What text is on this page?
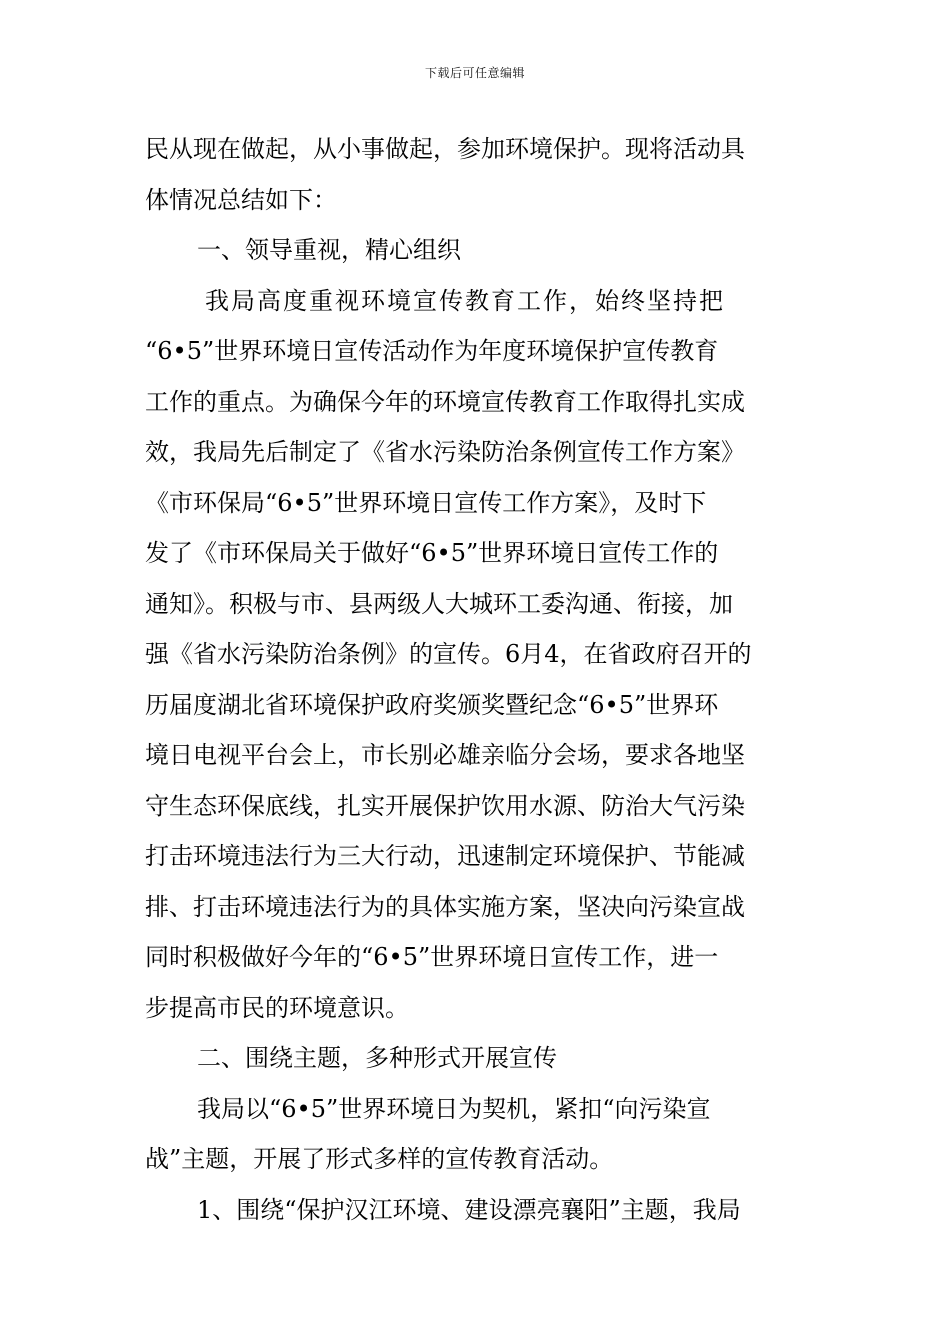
下载后可任意编辑
民从现在做起，从小事做起，参加环境保护。现将活动具
体情况总结如下：
一、领导重视，精心组织
我局高度重视环境宣传教育工作，始终坚持把
“6•5”世界环境日宣传活动作为年度环境保护宣传教育
工作的重点。为确保今年的环境宣传教育工作取得扎实成
效，我局先后制定了《省水污染防治条例宣传工作方案》
《市环保局“6•5”世界环境日宣传工作方案》，及时下
发了《市环保局关于做好“6•5”世界环境日宣传工作的
通知》。积极与市、县两级人大城环工委沟通、衔接，加
强《省水污染防治条例》的宣传。6月4，在省政府召开的
历届度湖北省环境保护政府奖颁奖暨纪念“6•5”世界环
境日电视平台会上，市长别必雄亲临分会场，要求各地坚
守生态环保底线，扎实开展保护饮用水源、防治大气污染
打击环境违法行为三大行动，迅速制定环境保护、节能减
排、打击环境违法行为的具体实施方案，坚决向污染宣战
同时积极做好今年的“6•5”世界环境日宣传工作，进一
步提高市民的环境意识。
二、围绕主题，多种形式开展宣传
我局以“6•5”世界环境日为契机，紧扣“向污染宣
战”主题，开展了形式多样的宣传教育活动。
1、围绕“保护汉江环境、建设漂亮襄阳”主题，我局
